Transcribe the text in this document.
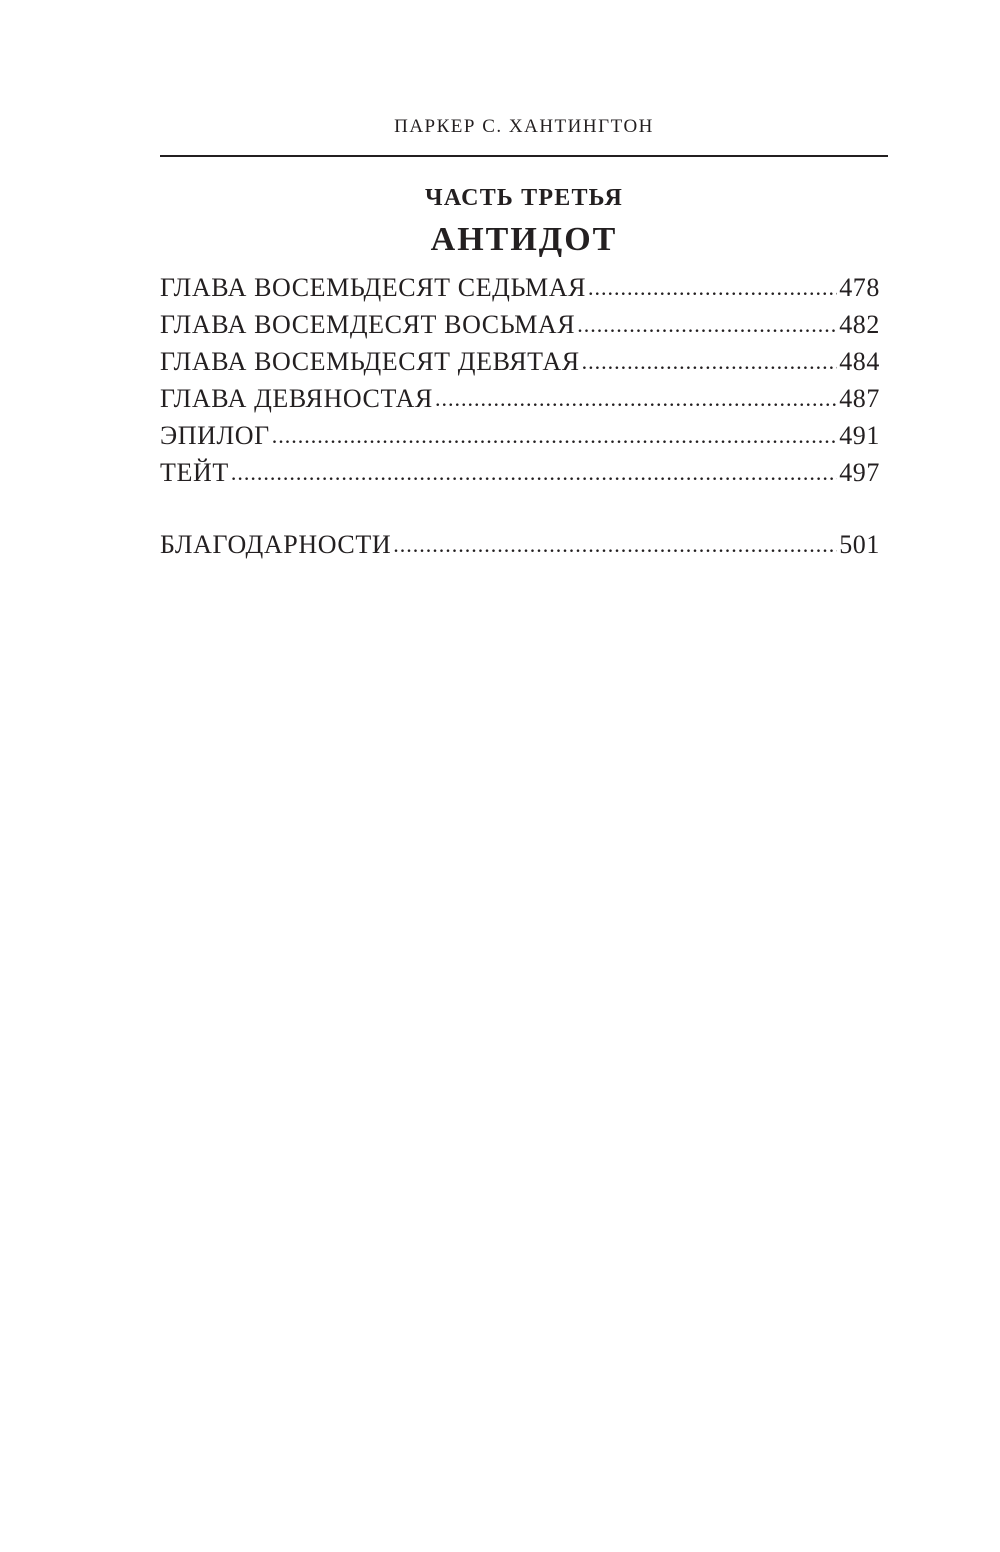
ПАРКЕР С. ХАНТИНГТОН
ЧАСТЬ ТРЕТЬЯ
АНТИДОТ
ГЛАВА ВОСЕМЬДЕСЯТ СЕДЬМАЯ .....	478
ГЛАВА ВОСЕМДЕСЯТ ВОСЬМАЯ .....	482
ГЛАВА ВОСЕМЬДЕСЯТ ДЕВЯТАЯ .....	484
ГЛАВА ДЕВЯНОСТАЯ .....	487
ЭПИЛОГ .....	491
ТЕЙТ .....	497
БЛАГОДАРНОСТИ .....	501
